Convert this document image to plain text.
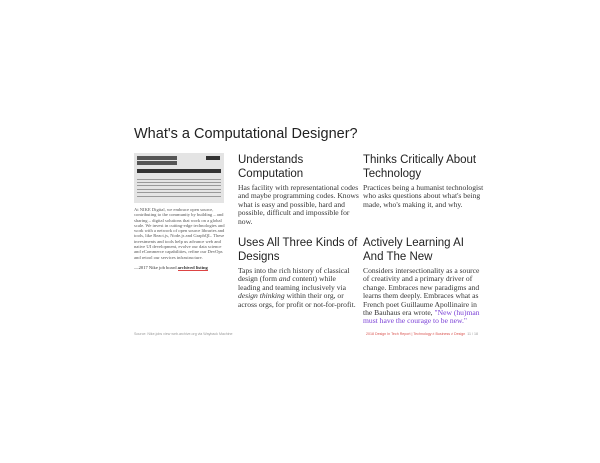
What's a Computational Designer?
At NIKE Digital, we embrace open source, contributing to the community by building – and sharing – digital solutions that work on a global scale. We invest in cutting-edge technologies and work with a network of open source libraries and tools, like React.js, Node.js and GraphQL. These investments and tools help us advance web and native UI development, evolve our data science and eCommerce capabilities, refine our DevOps and retool our services infrastructure.
—2017 Nike job board archived listing
Understands Computation
Has facility with representational codes and maybe programming codes. Knows what is easy and possible, hard and possible, difficult and impossible for now.
Thinks Critically About Technology
Practices being a humanist technologist who asks questions about what's being made, who's making it, and why.
Uses All Three Kinds of Designs
Taps into the rich history of classical design (form and content) while leading and teaming inclusively via design thinking within their org, or across orgs, for profit or not-for-profit.
Actively Learning AI And The New
Considers intersectionality as a source of creativity and a primary driver of change. Embraces new paradigms and learns them deeply. Embraces what as French poet Guillaume Apollinaire in the Bauhaus era wrote, "New (hu)man must have the courage to be new."
Source: Nike.jobs view web.archive.org via Wayback Machine	2018 Design In Tech Report | Technology ≠ Business ≠ Design 11 / 18
